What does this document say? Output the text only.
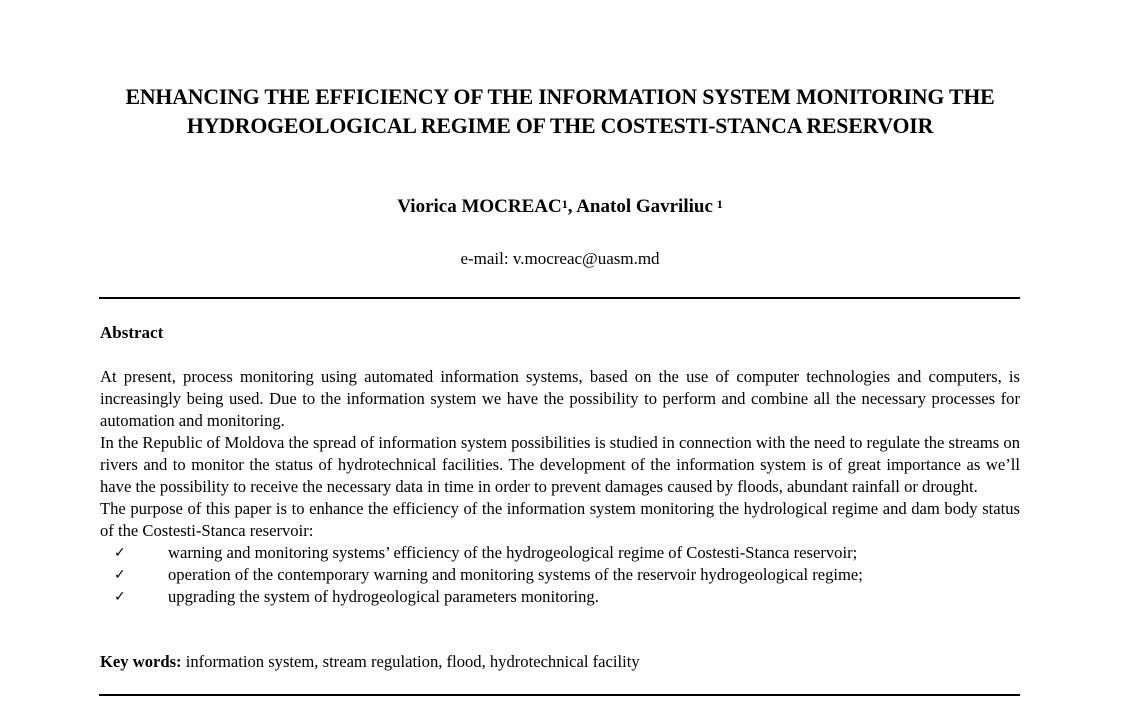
ENHANCING THE EFFICIENCY OF THE INFORMATION SYSTEM MONITORING THE HYDROGEOLOGICAL REGIME OF THE COSTESTI-STANCA RESERVOIR
Viorica MOCREAC$^1$, Anatol Gavriliuc  $^1$
e-mail: v.mocreac@uasm.md
Abstract

At present, process monitoring using automated information systems, based on the use of computer technologies and computers, is increasingly being used. Due to the information system we have the possibility to perform and combine all the necessary processes for automation and monitoring.

In the Republic of Moldova the spread of information system possibilities is studied in connection with the need to regulate the streams on rivers and to monitor the status of hydrotechnical facilities. The development of the information system is of great importance as we’ll have the possibility to receive the necessary data in time in order to prevent damages caused by floods, abundant rainfall or drought.

The purpose of this paper is to enhance the efficiency of the information system monitoring the hydrological regime and dam body status of the Costesti-Stanca reservoir:

✓	warning and monitoring systems’ efficiency of the hydrogeological regime of Costesti-Stanca reservoir;
✓	operation of the contemporary warning and monitoring systems of the reservoir hydrogeological regime;
✓	upgrading the system of hydrogeological parameters monitoring.
Key words: information system, stream regulation, flood, hydrotechnical facility
